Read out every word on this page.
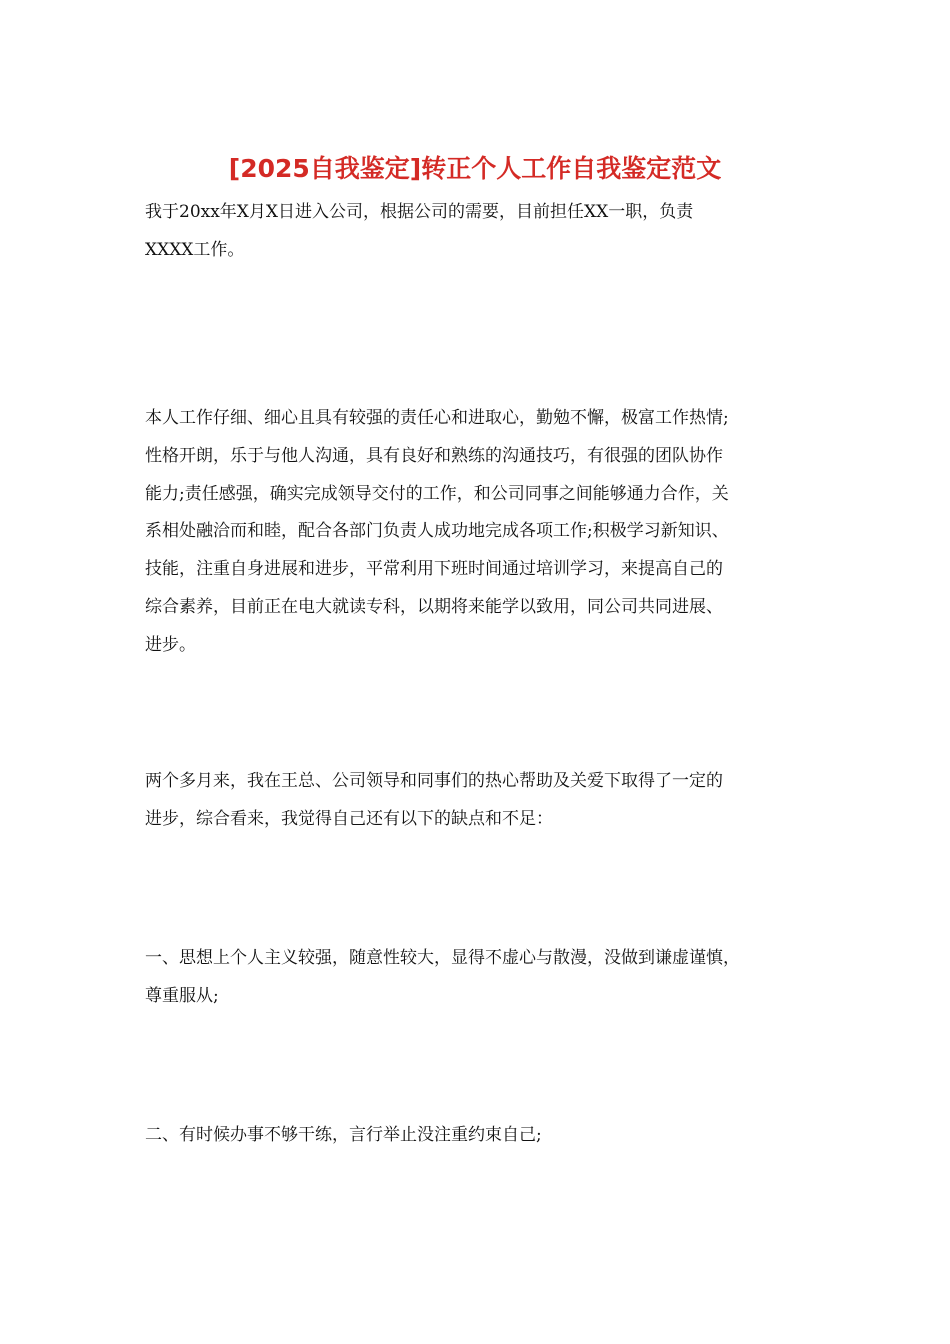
[2025自我鉴定]转正个人工作自我鉴定范文

我于20xx年X月X日进入公司，根据公司的需要，目前担任XX一职，负责
XXXX工作。

本人工作仔细、细心且具有较强的责任心和进取心，勤勉不懈，极富工作热情;
性格开朗，乐于与他人沟通，具有良好和熟练的沟通技巧，有很强的团队协作
能力;责任感强，确实完成领导交付的工作，和公司同事之间能够通力合作，关
系相处融洽而和睦，配合各部门负责人成功地完成各项工作;积极学习新知识、
技能，注重自身进展和进步，平常利用下班时间通过培训学习，来提高自己的
综合素养，目前正在电大就读专科，以期将来能学以致用，同公司共同进展、
进步。

两个多月来，我在王总、公司领导和同事们的热心帮助及关爱下取得了一定的
进步，综合看来，我觉得自己还有以下的缺点和不足：

一、思想上个人主义较强，随意性较大，显得不虚心与散漫，没做到谦虚谨慎，
尊重服从;

二、有时候办事不够干练，言行举止没注重约束自己;
